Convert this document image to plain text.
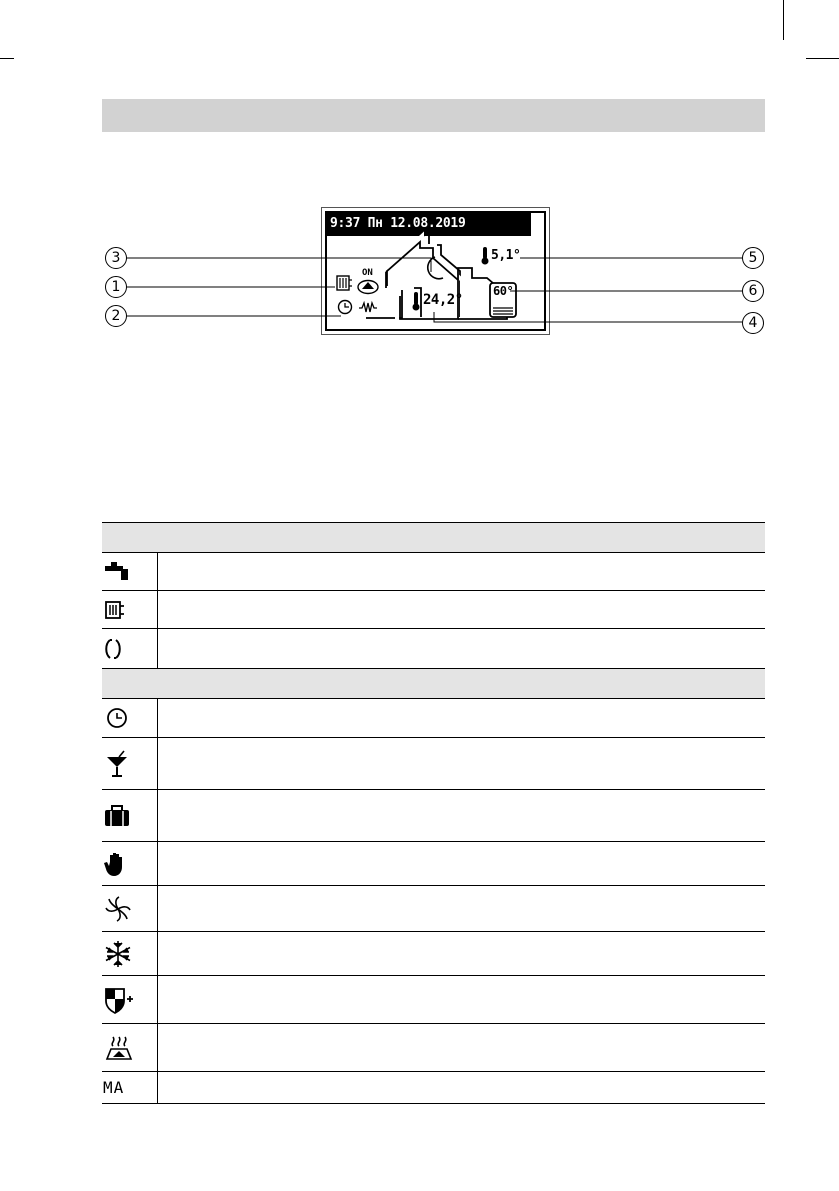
9:37 Пн 12.08.2019
ON
5,1°
24,2°
60°
3
1
2
5
6
4

MA	
